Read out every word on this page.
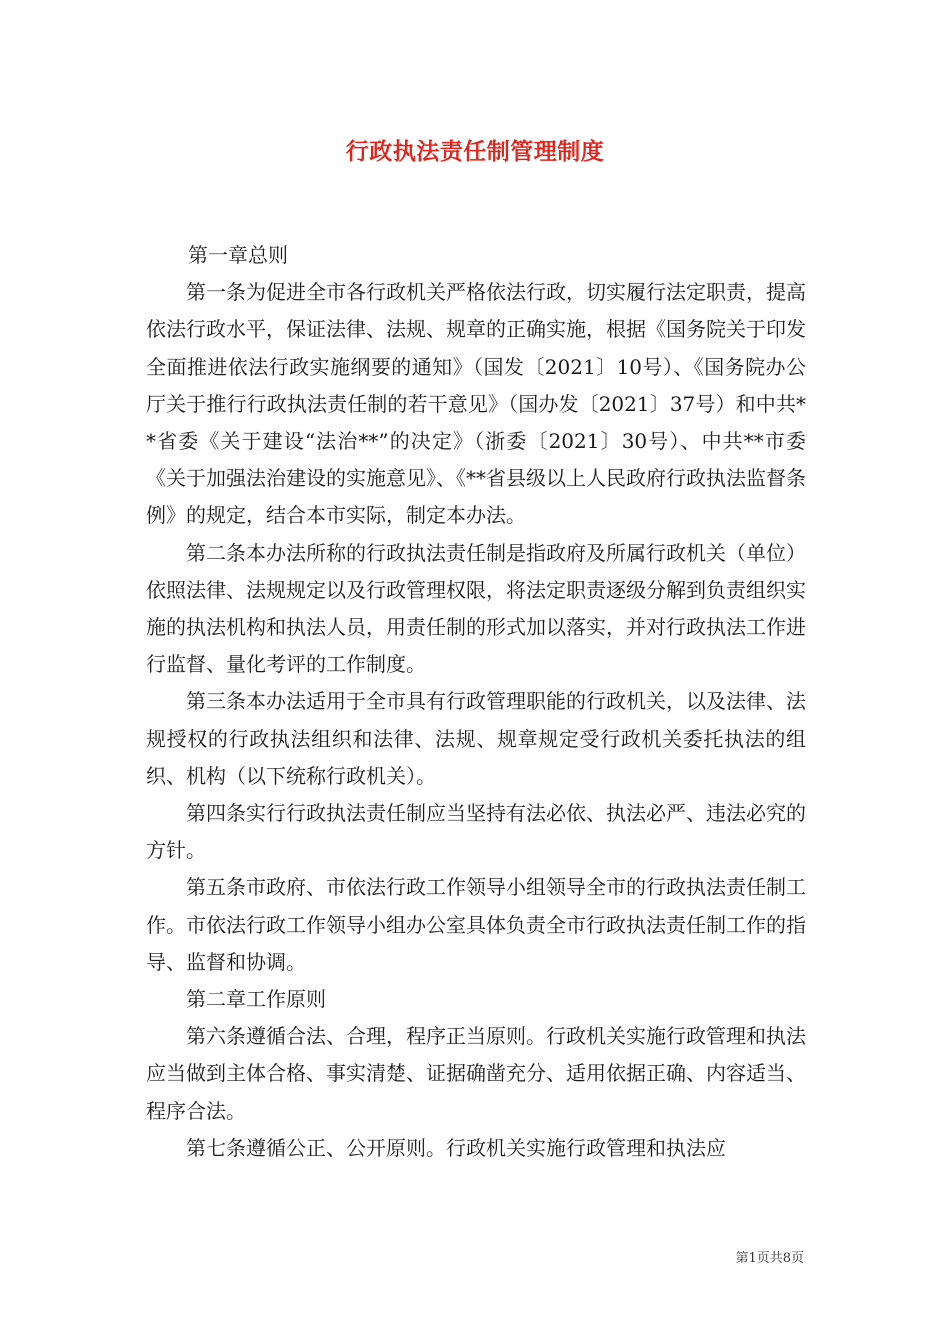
行政执法责任制管理制度

第一章总则

第一条为促进全市各行政机关严格依法行政，切实履行法定职责，提高依法行政水平，保证法律、法规、规章的正确实施，根据《国务院关于印发全面推进依法行政实施纲要的通知》（国发〔2021〕10号）、《国务院办公厅关于推行行政执法责任制的若干意见》（国办发〔2021〕37号）和中共**省委《关于建设“法治**”的决定》（浙委〔2021〕30号）、中共**市委《关于加强法治建设的实施意见》、《**省县级以上人民政府行政执法监督条例》的规定，结合本市实际，制定本办法。

第二条本办法所称的行政执法责任制是指政府及所属行政机关（单位）依照法律、法规规定以及行政管理权限，将法定职责逐级分解到负责组织实施的执法机构和执法人员，用责任制的形式加以落实，并对行政执法工作进行监督、量化考评的工作制度。

第三条本办法适用于全市具有行政管理职能的行政机关，以及法律、法规授权的行政执法组织和法律、法规、规章规定受行政机关委托执法的组织、机构（以下统称行政机关）。

第四条实行行政执法责任制应当坚持有法必依、执法必严、违法必究的方针。

第五条市政府、市依法行政工作领导小组领导全市的行政执法责任制工作。市依法行政工作领导小组办公室具体负责全市行政执法责任制工作的指导、监督和协调。

第二章工作原则

第六条遵循合法、合理，程序正当原则。行政机关实施行政管理和执法应当做到主体合格、事实清楚、证据确凿充分、适用依据正确、内容适当、程序合法。

第七条遵循公正、公开原则。行政机关实施行政管理和执法应

第1页共8页
